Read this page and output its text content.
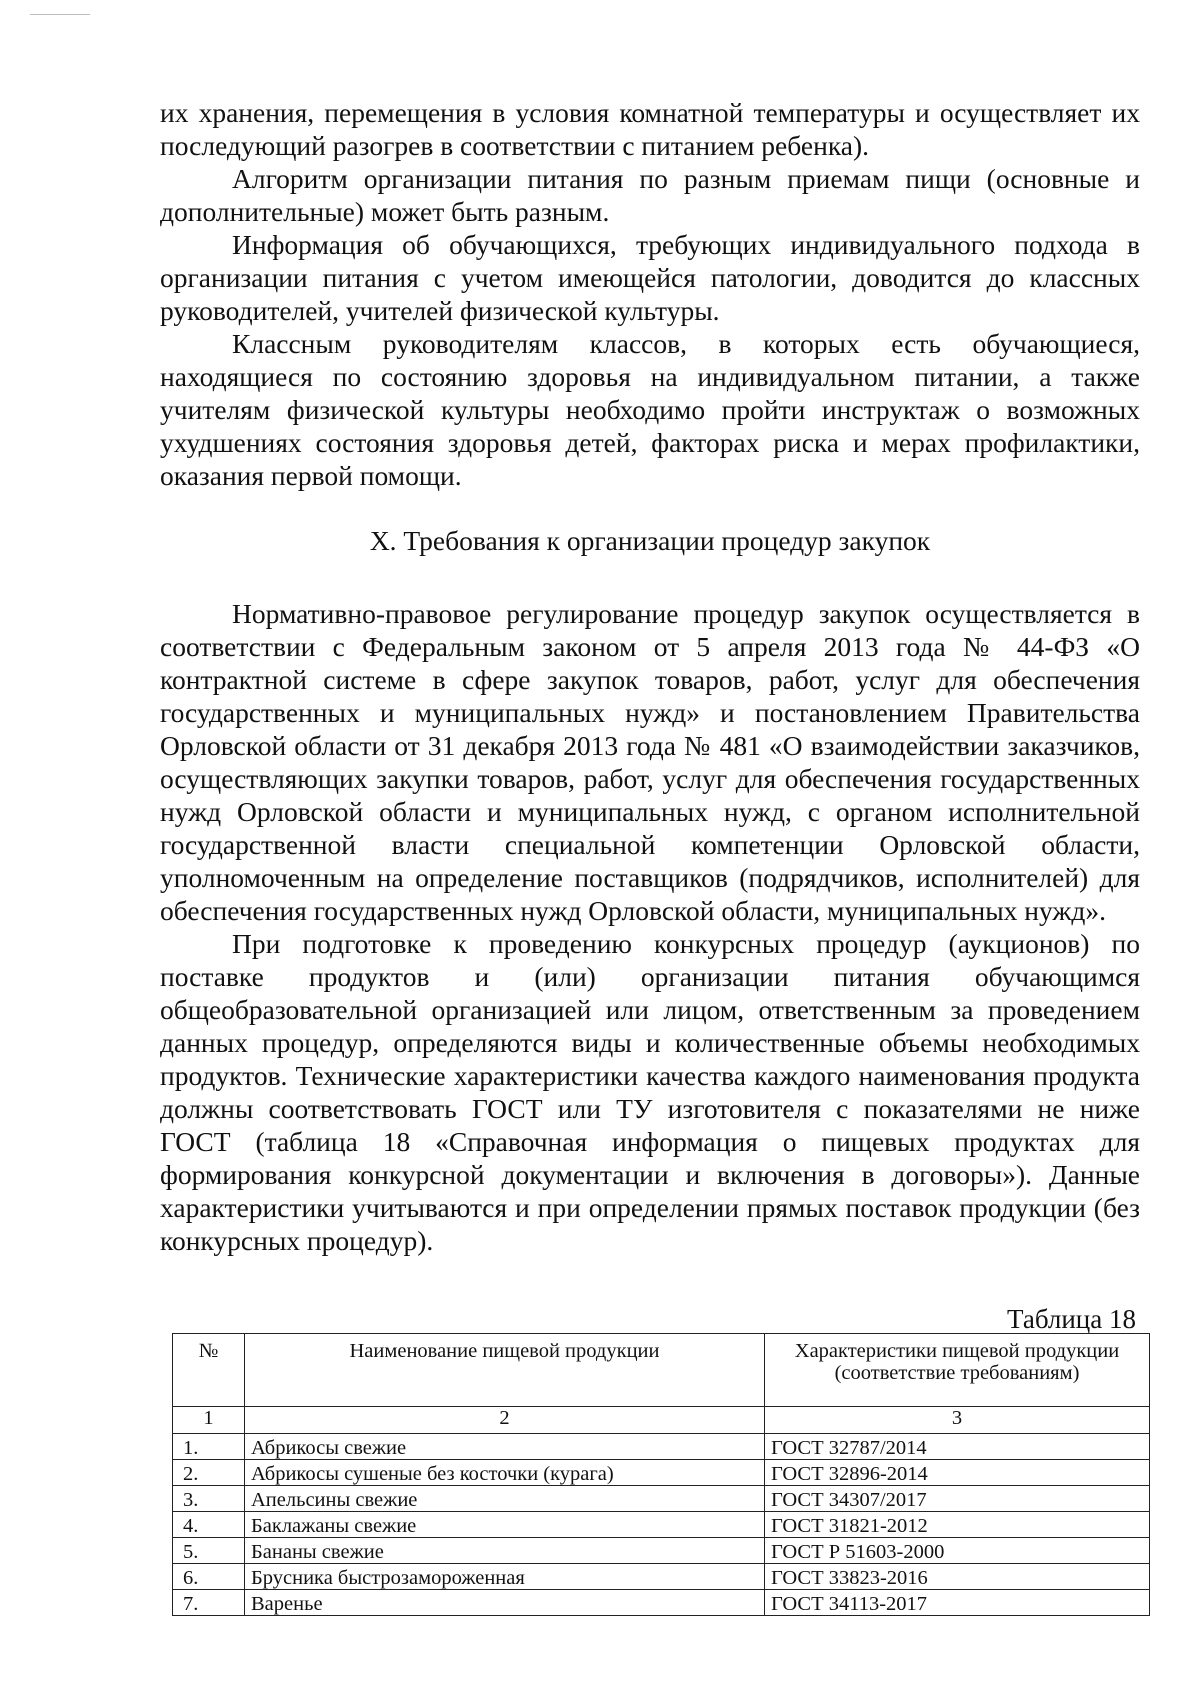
их хранения, перемещения в условия комнатной температуры и осуществляет их последующий разогрев в соответствии с питанием ребенка).

Алгоритм организации питания по разным приемам пищи (основные и дополнительные) может быть разным.

Информация об обучающихся, требующих индивидуального подхода в организации питания с учетом имеющейся патологии, доводится до классных руководителей, учителей физической культуры.

Классным руководителям классов, в которых есть обучающиеся, находящиеся по состоянию здоровья на индивидуальном питании, а также учителям физической культуры необходимо пройти инструктаж о возможных ухудшениях состояния здоровья детей, факторах риска и мерах профилактики, оказания первой помощи.

X. Требования к организации процедур закупок

Нормативно-правовое регулирование процедур закупок осуществляется в соответствии с Федеральным законом от 5 апреля 2013 года № 44-ФЗ «О контрактной системе в сфере закупок товаров, работ, услуг для обеспечения государственных и муниципальных нужд» и постановлением Правительства Орловской области от 31 декабря 2013 года № 481 «О взаимодействии заказчиков, осуществляющих закупки товаров, работ, услуг для обеспечения государственных нужд Орловской области и муниципальных нужд, с органом исполнительной государственной власти специальной компетенции Орловской области, уполномоченным на определение поставщиков (подрядчиков, исполнителей) для обеспечения государственных нужд Орловской области, муниципальных нужд».

При подготовке к проведению конкурсных процедур (аукционов) по поставке продуктов и (или) организации питания обучающимся общеобразовательной организацией или лицом, ответственным за проведением данных процедур, определяются виды и количественные объемы необходимых продуктов. Технические характеристики качества каждого наименования продукта должны соответствовать ГОСТ или ТУ изготовителя с показателями не ниже ГОСТ (таблица 18 «Справочная информация о пищевых продуктах для формирования конкурсной документации и включения в договоры»). Данные характеристики учитываются и при определении прямых поставок продукции (без конкурсных процедур).

Таблица 18
№	Наименование пищевой продукции	Характеристики пищевой продукции (соответствие требованиям)
1	2	3
1.	Абрикосы свежие	ГОСТ 32787/2014
2.	Абрикосы сушеные без косточки (курага)	ГОСТ 32896-2014
3.	Апельсины свежие	ГОСТ 34307/2017
4.	Баклажаны свежие	ГОСТ 31821-2012
5.	Бананы свежие	ГОСТ Р 51603-2000
6.	Брусника быстрозамороженная	ГОСТ 33823-2016
7.	Варенье	ГОСТ 34113-2017
